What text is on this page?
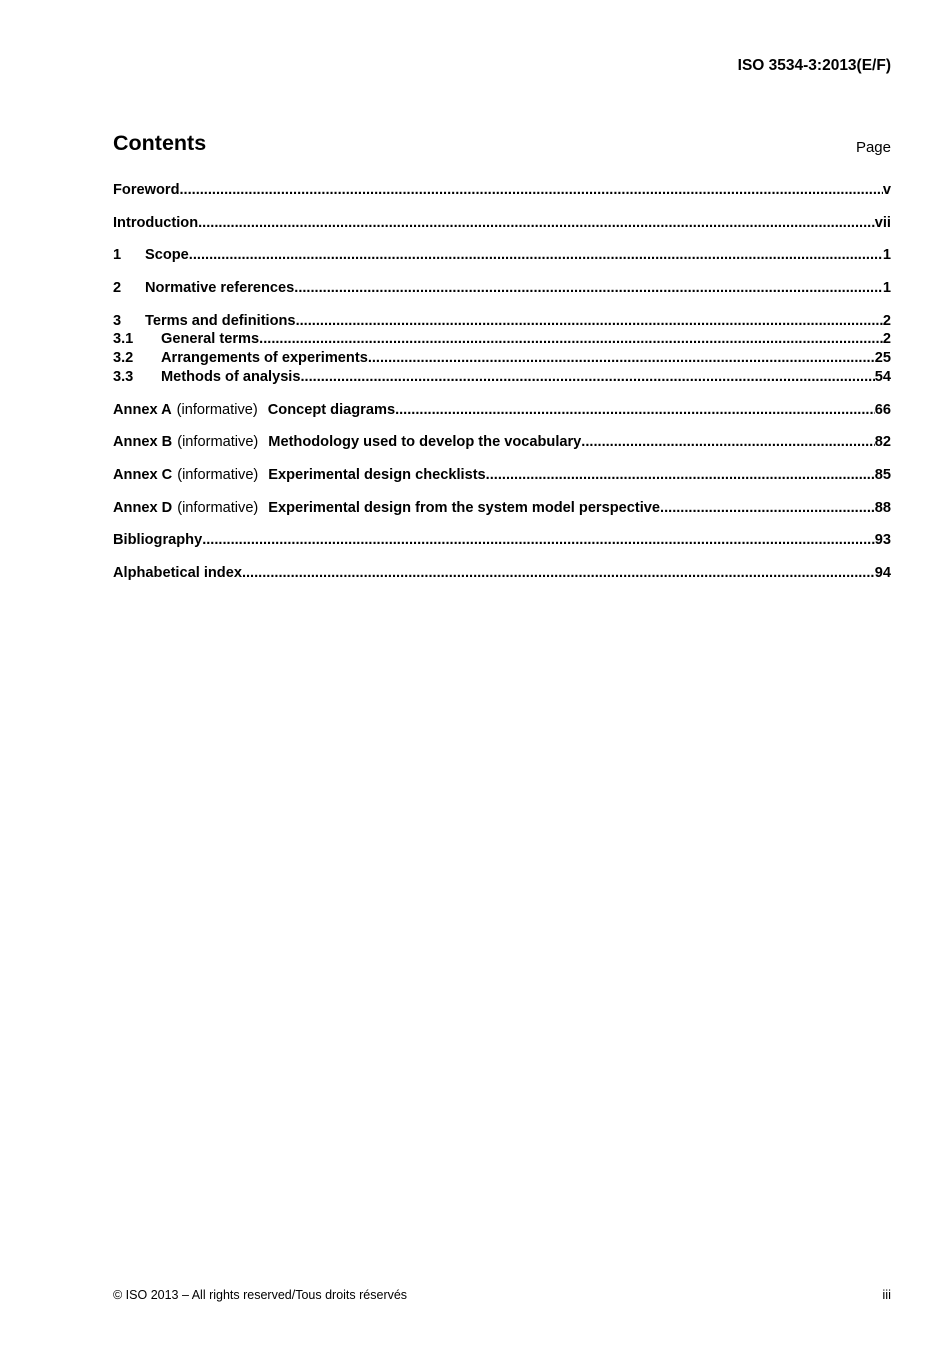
ISO 3534-3:2013(E/F)
Contents	Page
Foreword .....	v
Introduction .....	vii
1	Scope .....	1
2	Normative references .....	1
3	Terms and definitions .....	2
3.1	General terms .....	2
3.2	Arrangements of experiments .....	25
3.3	Methods of analysis .....	54
Annex A (informative) Concept diagrams .....	66
Annex B (informative) Methodology used to develop the vocabulary .....	82
Annex C (informative) Experimental design checklists .....	85
Annex D (informative) Experimental design from the system model perspective .....	88
Bibliography .....	93
Alphabetical index .....	94
© ISO 2013 – All rights reserved/Tous droits réservés	iii
